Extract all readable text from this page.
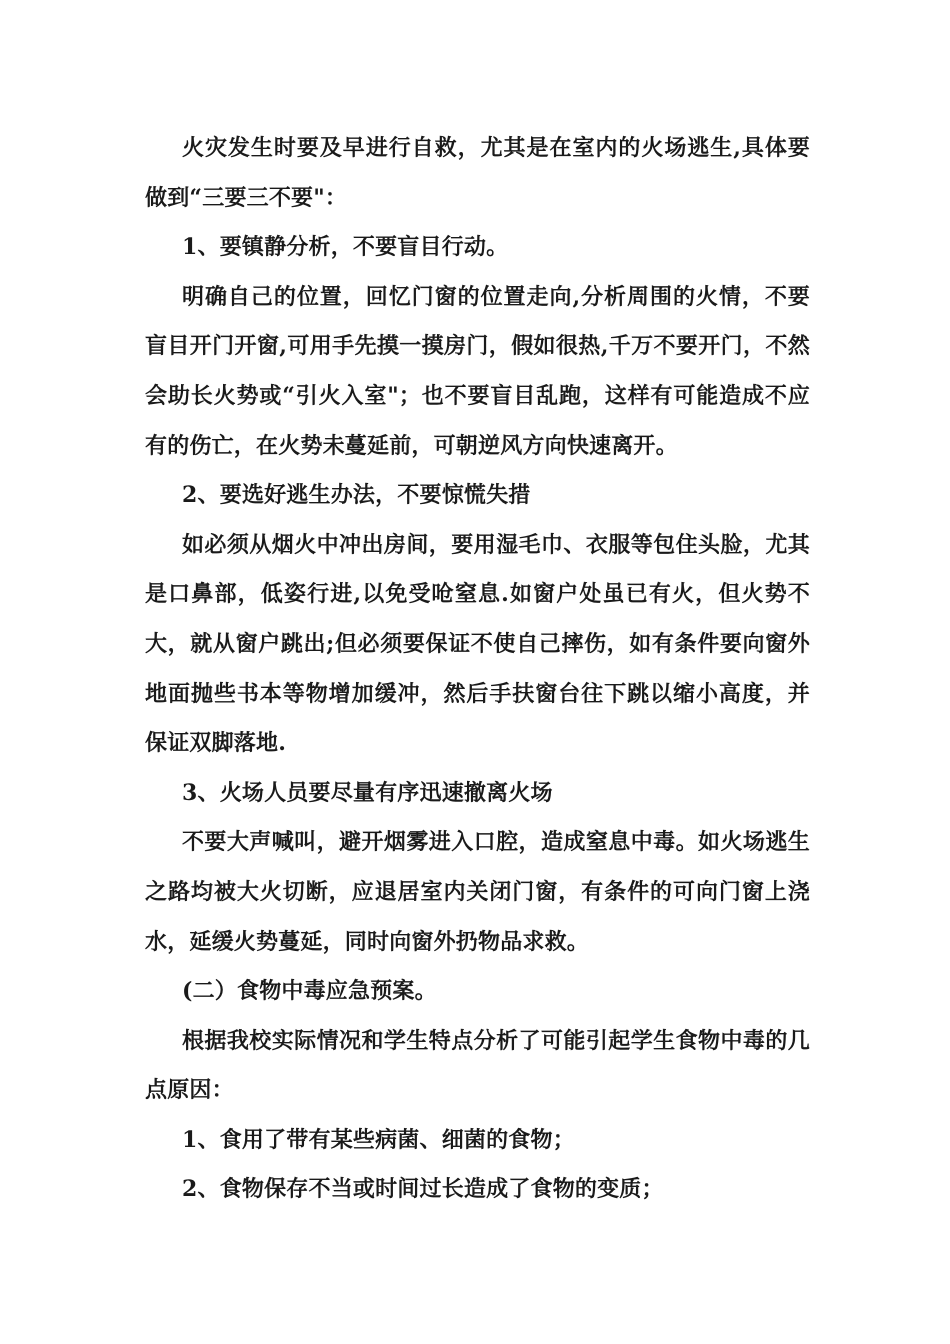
火灾发生时要及早进行自救，尤其是在室内的火场逃生,具体要做到“三要三不要"：

1、要镇静分析，不要盲目行动。

明确自己的位置，回忆门窗的位置走向,分析周围的火情，不要盲目开门开窗,可用手先摸一摸房门，假如很热,千万不要开门，不然会助长火势或“引火入室"；也不要盲目乱跑，这样有可能造成不应有的伤亡，在火势未蔓延前，可朝逆风方向快速离开。

2、要选好逃生办法，不要惊慌失措

如必须从烟火中冲出房间，要用湿毛巾、衣服等包住头脸，尤其是口鼻部，低姿行进,以免受呛窒息.如窗户处虽已有火，但火势不大，就从窗户跳出;但必须要保证不使自己摔伤，如有条件要向窗外地面抛些书本等物增加缓冲，然后手扶窗台往下跳以缩小高度，并保证双脚落地.

3、火场人员要尽量有序迅速撤离火场

不要大声喊叫，避开烟雾进入口腔，造成窒息中毒。如火场逃生之路均被大火切断，应退居室内关闭门窗，有条件的可向门窗上浇水，延缓火势蔓延，同时向窗外扔物品求救。

(二）食物中毒应急预案。

根据我校实际情况和学生特点分析了可能引起学生食物中毒的几点原因：

1、食用了带有某些病菌、细菌的食物；

2、食物保存不当或时间过长造成了食物的变质；
